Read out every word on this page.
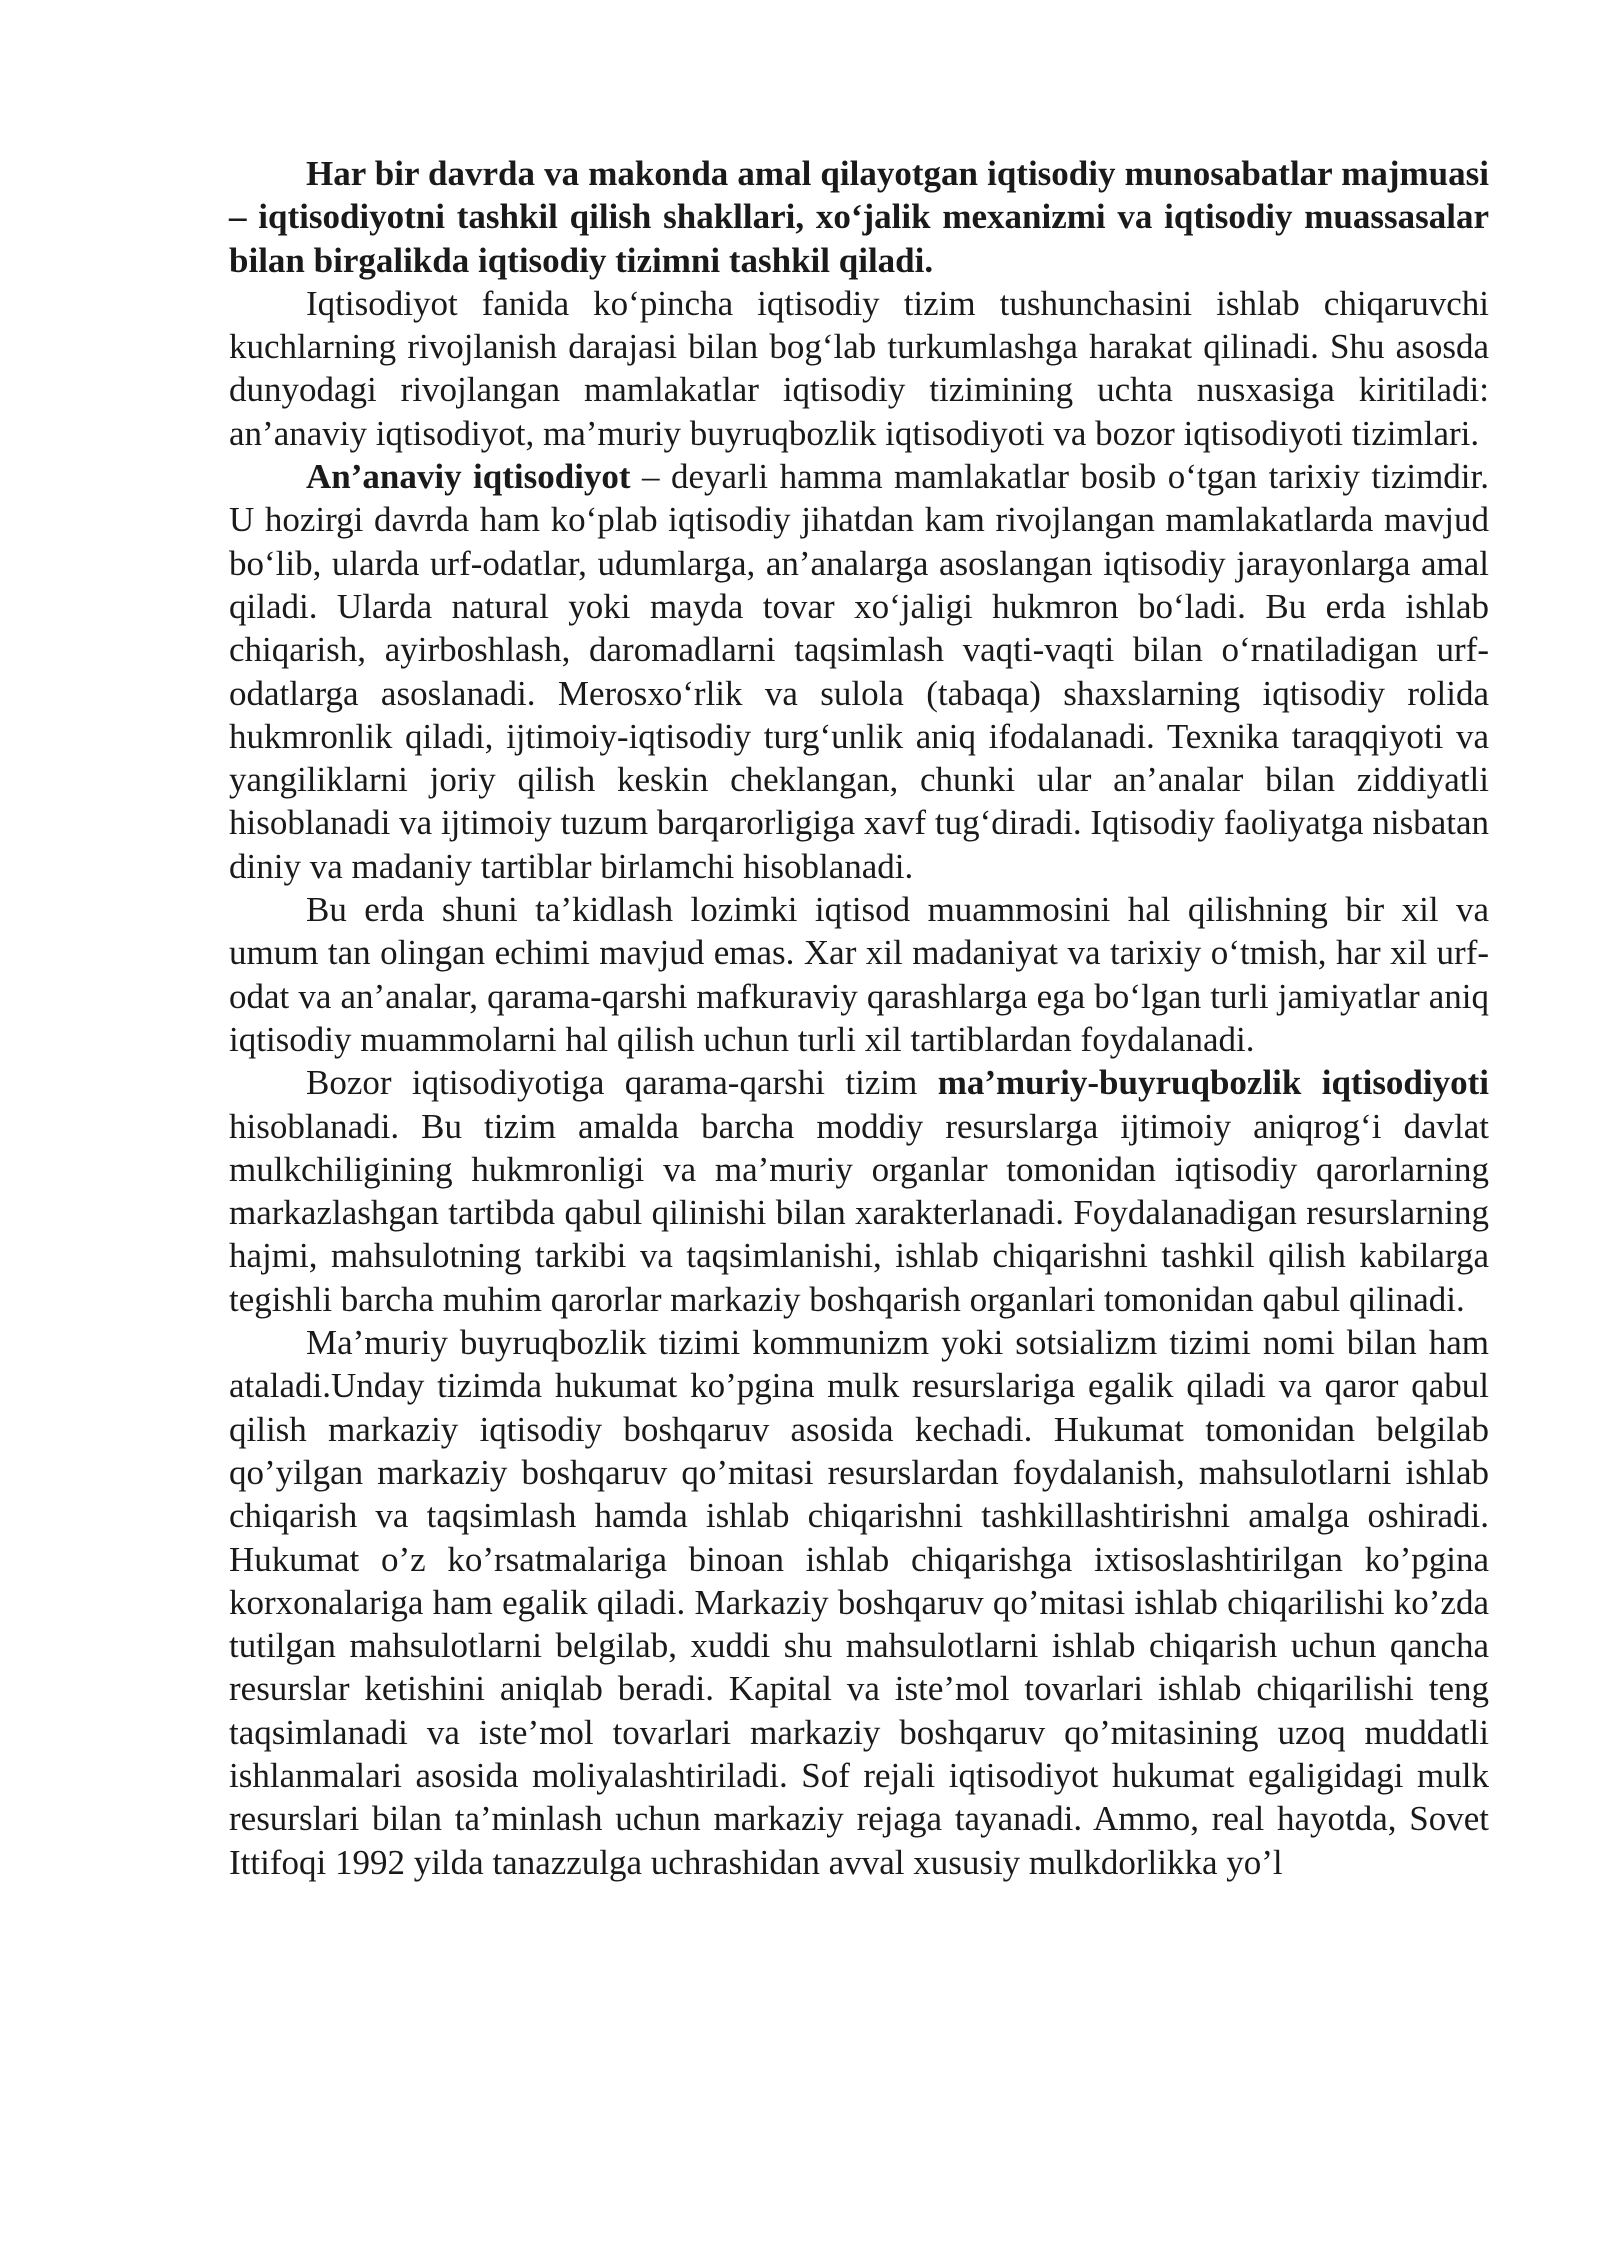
Har bir davrda va makonda amal qilayotgan iqtisodiy munosabatlar majmuasi – iqtisodiyotni tashkil qilish shakllari, xo‘jalik mexanizmi va iqtisodiy muassasalar bilan birgalikda iqtisodiy tizimni tashkil qiladi.

Iqtisodiyot fanida ko‘pincha iqtisodiy tizim tushunchasini ishlab chiqaruvchi kuchlarning rivojlanish darajasi bilan bog‘lab turkumlashga harakat qilinadi. Shu asosda dunyodagi rivojlangan mamlakatlar iqtisodiy tizimining uchta nusxasiga kiritiladi: an’anaviy iqtisodiyot, ma’muriy buyruqbozlik iqtisodiyoti va bozor iqtisodiyoti tizimlari.

An’anaviy iqtisodiyot – deyarli hamma mamlakatlar bosib o‘tgan tarixiy tizimdir. U hozirgi davrda ham ko‘plab iqtisodiy jihatdan kam rivojlangan mamlakatlarda mavjud bo‘lib, ularda urf-odatlar, udumlarga, an’analarga asoslangan iqtisodiy jarayonlarga amal qiladi. Ularda natural yoki mayda tovar xo‘jaligi hukmron bo‘ladi. Bu erda ishlab chiqarish, ayirboshlash, daromadlarni taqsimlash vaqti-vaqti bilan o‘rnatiladigan urf-odatlarga asoslanadi. Merosxo‘rlik va sulola (tabaqa) shaxslarning iqtisodiy rolida hukmronlik qiladi, ijtimoiy-iqtisodiy turg‘unlik aniq ifodalanadi. Texnika taraqqiyoti va yangiliklarni joriy qilish keskin cheklangan, chunki ular an’analar bilan ziddiyatli hisoblanadi va ijtimoiy tuzum barqarorligiga xavf tug‘diradi. Iqtisodiy faoliyatga nisbatan diniy va madaniy tartiblar birlamchi hisoblanadi.

Bu erda shuni ta’kidlash lozimki iqtisod muammosini hal qilishning bir xil va umum tan olingan echimi mavjud emas. Xar xil madaniyat va tarixiy o‘tmish, har xil urf-odat va an’analar, qarama-qarshi mafkuraviy qarashlarga ega bo‘lgan turli jamiyatlar aniq iqtisodiy muammolarni hal qilish uchun turli xil tartiblardan foydalanadi.

Bozor iqtisodiyotiga qarama-qarshi tizim ma’muriy-buyruqbozlik iqtisodiyoti hisoblanadi. Bu tizim amalda barcha moddiy resurslarga ijtimoiy aniqrog‘i davlat mulkchiligining hukmronligi va ma’muriy organlar tomonidan iqtisodiy qarorlarning markazlashgan tartibda qabul qilinishi bilan xarakterlanadi. Foydalanadigan resurslarning hajmi, mahsulotning tarkibi va taqsimlanishi, ishlab chiqarishni tashkil qilish kabilarga tegishli barcha muhim qarorlar markaziy boshqarish organlari tomonidan qabul qilinadi.

Ma’muriy buyruqbozlik tizimi kommunizm yoki sotsializm tizimi nomi bilan ham ataladi.Unday tizimda hukumat ko’pgina mulk resurslariga egalik qiladi va qaror qabul qilish markaziy iqtisodiy boshqaruv asosida kechadi. Hukumat tomonidan belgilab qo’yilgan markaziy boshqaruv qo’mitasi resurslardan foydalanish, mahsulotlarni ishlab chiqarish va taqsimlash hamda ishlab chiqarishni tashkillashtirishni amalga oshiradi. Hukumat o’z ko’rsatmalariga binoan ishlab chiqarishga ixtisoslashtirilgan ko’pgina korxonalariga ham egalik qiladi. Markaziy boshqaruv qo’mitasi ishlab chiqarilishi ko’zda tutilgan mahsulotlarni belgilab, xuddi shu mahsulotlarni ishlab chiqarish uchun qancha resurslar ketishini aniqlab beradi. Kapital va iste’mol tovarlari ishlab chiqarilishi teng taqsimlanadi va iste’mol tovarlari markaziy boshqaruv qo’mitasining uzoq muddatli ishlanmalari asosida moliyalashtiriladi. Sof rejali iqtisodiyot hukumat egaligidagi mulk resurslari bilan ta’minlash uchun markaziy rejaga tayanadi. Ammo, real hayotda, Sovet Ittifoqi 1992 yilda tanazzulga uchrashidan avval xususiy mulkdorlikka yo’l
